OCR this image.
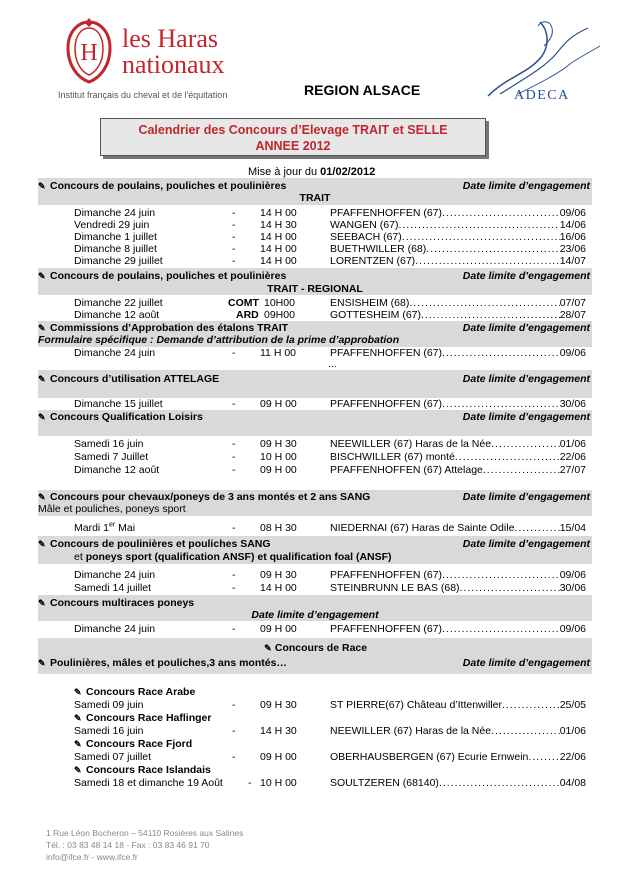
H les Haras
nationaux
Institut français du cheval et de l'équitation	REGION ALSACE	ADECA
Calendrier des Concours d’Elevage TRAIT et SELLE
ANNEE 2012
Mise à jour du 01/02/2012
✎ Concours de poulains, pouliches et poulinières	Date limite d’engagement
TRAIT
Dimanche 24 juin	- 14 H 00	PFAFFENHOFFEN (67) .....	09/06
Vendredi 29 juin	- 14 H 30	WANGEN (67) .....	14/06
Dimanche 1 juillet	- 14 H 00	SEEBACH (67) .....	16/06
Dimanche 8 juillet	- 14 H 00	BUETHWILLER (68) .....	23/06
Dimanche 29 juillet	- 14 H 00	LORENTZEN (67) .....	14/07
✎ Concours de poulains, pouliches et poulinières	Date limite d’engagement
TRAIT - REGIONAL
Dimanche 22 juillet	COMT 10H00	ENSISHEIM (68) .....	07/07
Dimanche 12 août	ARD 09H00	GOTTESHEIM (67) .....	28/07
✎ Commissions d’Approbation des étalons TRAIT	Date limite d’engagement
Formulaire spécifique : Demande d’attribution de la prime d’approbation
Dimanche 24 juin	- 11 H 00	PFAFFENHOFFEN (67) .....	09/06
...
✎ Concours d’utilisation ATTELAGE	Date limite d’engagement
Dimanche 15 juillet	- 09 H 00	PFAFFENHOFFEN (67) .....	30/06
✎ Concours Qualification Loisirs	Date limite d’engagement
Samedi 16 juin	- 09 H 30	NEEWILLER (67) Haras de la Née .....	01/06
Samedi 7 Juillet	- 10 H 00	BISCHWILLER (67) monté .....	22/06
Dimanche 12 août	- 09 H 00	PFAFFENHOFFEN (67) Attelage .....	27/07
✎ Concours pour chevaux/poneys de 3 ans montés et 2 ans SANG	Date limite d’engagement
Mâle et pouliches, poneys sport
Mardi 1er Mai	- 08 H 30	NIEDERNAI (67) Haras de Sainte Odile .....	15/04
✎ Concours de poulinières et pouliches SANG	Date limite d’engagement
et poneys sport (qualification ANSF) et qualification foal (ANSF)
Dimanche 24 juin	- 09 H 30	PFAFFENHOFFEN (67) .....	09/06
Samedi 14 juillet	- 14 H 00	STEINBRUNN LE BAS (68) .....	30/06
✎ Concours multiraces poneys
Date limite d’engagement
Dimanche 24 juin	- 09 H 00	PFAFFENHOFFEN (67) .....	09/06
✎ Concours de Race
✎ Poulinières, mâles et pouliches,3 ans montés…	Date limite d’engagement
✎ Concours Race Arabe
Samedi 09 juin	- 09 H 30	ST PIERRE(67) Château d’Ittenwiller .....	25/05
✎ Concours Race Haflinger
Samedi 16 juin	- 14 H 30	NEEWILLER (67) Haras de la Née .....	01/06
✎ Concours Race Fjord
Samedi 07 juillet	- 09 H 00	OBERHAUSBERGEN (67) Ecurie Ernwein .....	22/06
✎ Concours Race Islandais
Samedi 18 et dimanche 19 Août - 10 H 00	SOULTZEREN (68140) .....	04/08
1 Rue Léon Bocheron – 54110 Rosières aux Salines
Tél. : 03 83 48 14 18 - Fax : 03 83 46 91 70
info@ifce.fr - www.ifce.fr
